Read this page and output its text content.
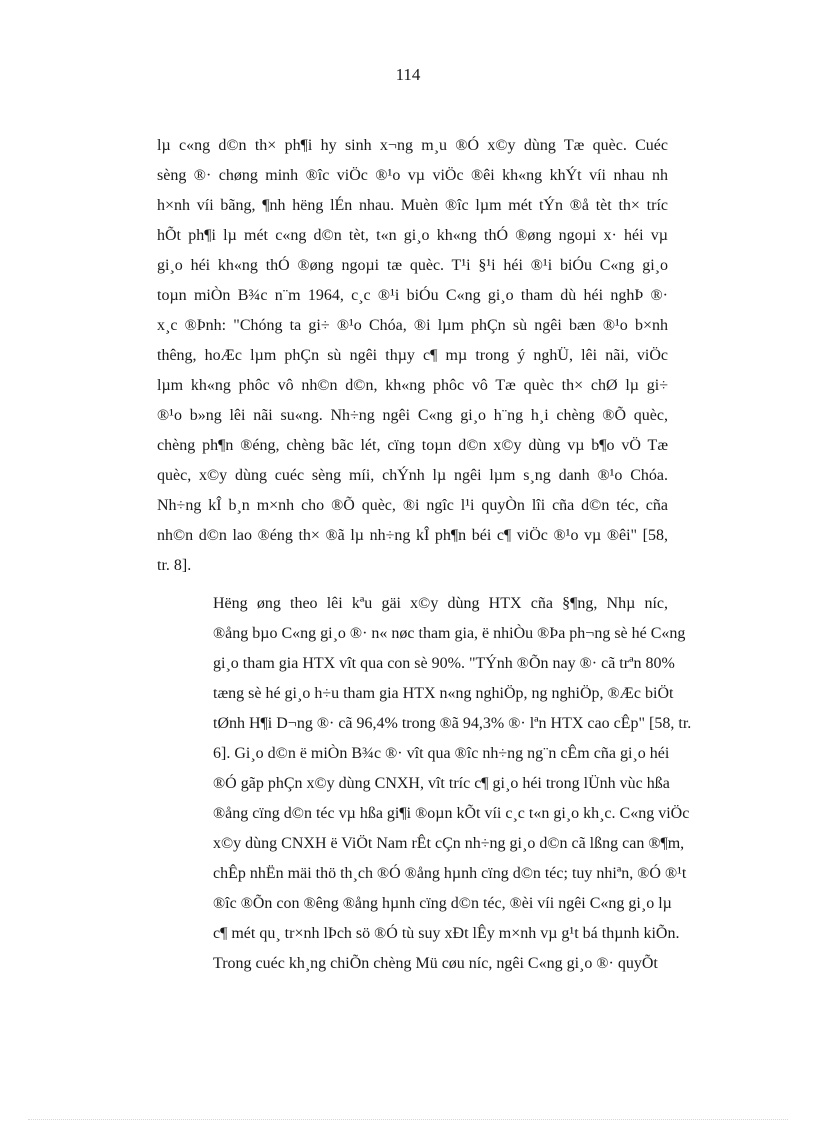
114
lµ c«ng d©n th× ph¶i hy sinh x¬ng m¸u ®Ó x©y dùng Tæ quèc. Cuéc
sèng ®· chøng minh ®îc viÖc ®¹o vµ viÖc ®êi kh«ng khÝt víi nhau nh
h×nh víi bãng, ¶nh hëng lÉn nhau. Muèn ®îc lµm mét tÝn ®å tèt th× tríc
hÕt ph¶i lµ mét c«ng d©n tèt, t«n gi¸o kh«ng thÓ ®øng ngoµi x· héi vµ
gi¸o héi kh«ng thÓ ®øng ngoµi tæ quèc. T¹i §¹i héi ®¹i biÓu C«ng gi¸o
toµn miÒn B¾c n¨m 1964, c¸c ®¹i biÓu C«ng gi¸o tham dù héi nghÞ ®·
x¸c ®Þnh: "Chóng ta gi÷ ®¹o Chóa, ®i lµm phÇn sù ngêi bæn ®¹o b×nh
thêng, hoÆc lµm phÇn sù ngêi thµy c¶ mµ trong ý nghÜ, lêi nãi, viÖc
lµm kh«ng phôc vô nh©n d©n, kh«ng phôc vô Tæ quèc th× chØ lµ gi÷
®¹o b»ng lêi nãi su«ng. Nh÷ng ngêi C«ng gi¸o h¨ng h¸i chèng ®Õ quèc,
chèng ph¶n ®éng, chèng bãc lét, cïng toµn d©n x©y dùng vµ b¶o vÖ Tæ
quèc, x©y dùng cuéc sèng míi, chÝnh lµ ngêi lµm s¸ng danh ®¹o Chóa.
Nh÷ng kÎ b¸n m×nh cho ®Õ quèc, ®i ngîc l¹i quyÒn lîi cña d©n téc, cña
nh©n d©n lao ®éng th× ®ã lµ nh÷ng kÎ ph¶n béi c¶ viÖc ®¹o vµ ®êi" [58,
tr. 8].
Hëng øng theo lêi kªu gäi x©y dùng HTX cña §¶ng, Nhµ níc,
®ång bµo C«ng gi¸o ®· n« nøc tham gia, ë nhiÒu ®Þa ph¬ng sè hé C«ng
gi¸o tham gia HTX vît qua con sè 90%. "TÝnh ®Õn nay ®· cã trªn 80%
tæng sè hé gi¸o h÷u tham gia HTX n«ng nghiÖp, ng nghiÖp, ®Æc biÖt
tØnh H¶i D¬ng ®· cã 96,4% trong ®ã 94,3% ®· lªn HTX cao cÊp" [58, tr.
6]. Gi¸o d©n ë miÒn B¾c ®· vît qua ®îc nh÷ng ng¨n cÊm cña gi¸o héi
®Ó gãp phÇn x©y dùng CNXH, vît tríc c¶ gi¸o héi trong lÜnh vùc hßa
®ång cïng d©n téc vµ hßa gi¶i ®oµn kÕt víi c¸c t«n gi¸o kh¸c. C«ng viÖc
x©y dùng CNXH ë ViÖt Nam rÊt cÇn nh÷ng gi¸o d©n cã lßng can ®¶m,
chÊp nhËn mäi thö th¸ch ®Ó ®ång hµnh cïng d©n téc; tuy nhiªn, ®Ó ®¹t
®îc ®Õn con ®êng ®ång hµnh cïng d©n téc, ®èi víi ngêi C«ng gi¸o lµ
c¶ mét qu¸ tr×nh lÞch sö ®Ó tù suy xÐt lÊy m×nh vµ g¹t bá thµnh kiÕn.
Trong cuéc kh¸ng chiÕn chèng Mü cøu níc, ngêi C«ng gi¸o ®· quyÕt
